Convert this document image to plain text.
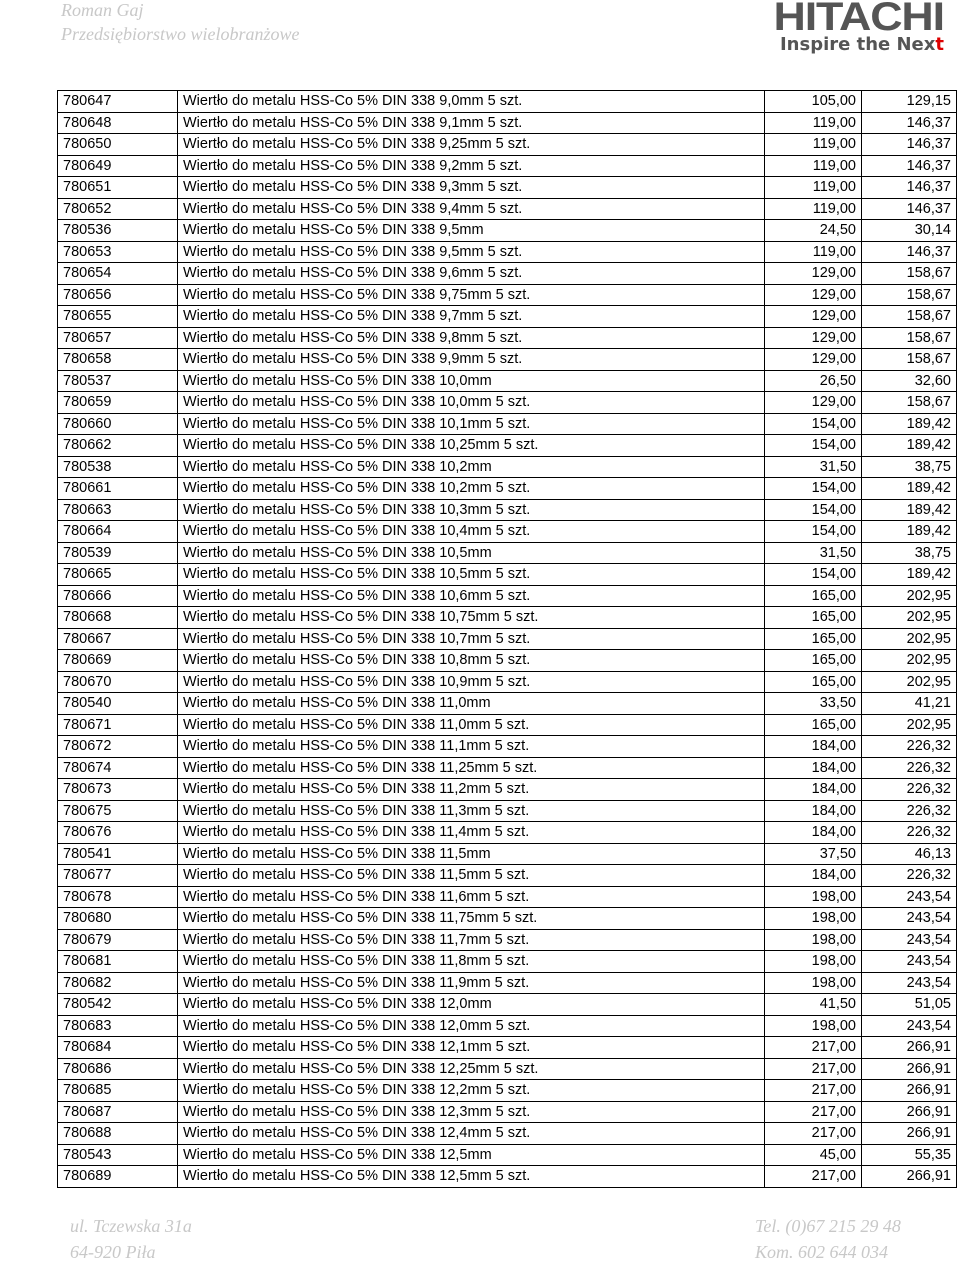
Roman Gaj
Przedsiębiorstwo wielobranżowe	HITACHI
Inspire the Next
780647	Wiertło do metalu HSS-Co 5% DIN 338 9,0mm 5 szt.	105,00	129,15
780648	Wiertło do metalu HSS-Co 5% DIN 338 9,1mm 5 szt.	119,00	146,37
780650	Wiertło do metalu HSS-Co 5% DIN 338 9,25mm 5 szt.	119,00	146,37
780649	Wiertło do metalu HSS-Co 5% DIN 338 9,2mm 5 szt.	119,00	146,37
780651	Wiertło do metalu HSS-Co 5% DIN 338 9,3mm 5 szt.	119,00	146,37
780652	Wiertło do metalu HSS-Co 5% DIN 338 9,4mm 5 szt.	119,00	146,37
780536	Wiertło do metalu HSS-Co 5% DIN 338 9,5mm	24,50	30,14
780653	Wiertło do metalu HSS-Co 5% DIN 338 9,5mm 5 szt.	119,00	146,37
780654	Wiertło do metalu HSS-Co 5% DIN 338 9,6mm 5 szt.	129,00	158,67
780656	Wiertło do metalu HSS-Co 5% DIN 338 9,75mm 5 szt.	129,00	158,67
780655	Wiertło do metalu HSS-Co 5% DIN 338 9,7mm 5 szt.	129,00	158,67
780657	Wiertło do metalu HSS-Co 5% DIN 338 9,8mm 5 szt.	129,00	158,67
780658	Wiertło do metalu HSS-Co 5% DIN 338 9,9mm 5 szt.	129,00	158,67
780537	Wiertło do metalu HSS-Co 5% DIN 338 10,0mm	26,50	32,60
780659	Wiertło do metalu HSS-Co 5% DIN 338 10,0mm 5 szt.	129,00	158,67
780660	Wiertło do metalu HSS-Co 5% DIN 338 10,1mm 5 szt.	154,00	189,42
780662	Wiertło do metalu HSS-Co 5% DIN 338 10,25mm 5 szt.	154,00	189,42
780538	Wiertło do metalu HSS-Co 5% DIN 338 10,2mm	31,50	38,75
780661	Wiertło do metalu HSS-Co 5% DIN 338 10,2mm 5 szt.	154,00	189,42
780663	Wiertło do metalu HSS-Co 5% DIN 338 10,3mm 5 szt.	154,00	189,42
780664	Wiertło do metalu HSS-Co 5% DIN 338 10,4mm 5 szt.	154,00	189,42
780539	Wiertło do metalu HSS-Co 5% DIN 338 10,5mm	31,50	38,75
780665	Wiertło do metalu HSS-Co 5% DIN 338 10,5mm 5 szt.	154,00	189,42
780666	Wiertło do metalu HSS-Co 5% DIN 338 10,6mm 5 szt.	165,00	202,95
780668	Wiertło do metalu HSS-Co 5% DIN 338 10,75mm 5 szt.	165,00	202,95
780667	Wiertło do metalu HSS-Co 5% DIN 338 10,7mm 5 szt.	165,00	202,95
780669	Wiertło do metalu HSS-Co 5% DIN 338 10,8mm 5 szt.	165,00	202,95
780670	Wiertło do metalu HSS-Co 5% DIN 338 10,9mm 5 szt.	165,00	202,95
780540	Wiertło do metalu HSS-Co 5% DIN 338 11,0mm	33,50	41,21
780671	Wiertło do metalu HSS-Co 5% DIN 338 11,0mm 5 szt.	165,00	202,95
780672	Wiertło do metalu HSS-Co 5% DIN 338 11,1mm 5 szt.	184,00	226,32
780674	Wiertło do metalu HSS-Co 5% DIN 338 11,25mm 5 szt.	184,00	226,32
780673	Wiertło do metalu HSS-Co 5% DIN 338 11,2mm 5 szt.	184,00	226,32
780675	Wiertło do metalu HSS-Co 5% DIN 338 11,3mm 5 szt.	184,00	226,32
780676	Wiertło do metalu HSS-Co 5% DIN 338 11,4mm 5 szt.	184,00	226,32
780541	Wiertło do metalu HSS-Co 5% DIN 338 11,5mm	37,50	46,13
780677	Wiertło do metalu HSS-Co 5% DIN 338 11,5mm 5 szt.	184,00	226,32
780678	Wiertło do metalu HSS-Co 5% DIN 338 11,6mm 5 szt.	198,00	243,54
780680	Wiertło do metalu HSS-Co 5% DIN 338 11,75mm 5 szt.	198,00	243,54
780679	Wiertło do metalu HSS-Co 5% DIN 338 11,7mm 5 szt.	198,00	243,54
780681	Wiertło do metalu HSS-Co 5% DIN 338 11,8mm 5 szt.	198,00	243,54
780682	Wiertło do metalu HSS-Co 5% DIN 338 11,9mm 5 szt.	198,00	243,54
780542	Wiertło do metalu HSS-Co 5% DIN 338 12,0mm	41,50	51,05
780683	Wiertło do metalu HSS-Co 5% DIN 338 12,0mm 5 szt.	198,00	243,54
780684	Wiertło do metalu HSS-Co 5% DIN 338 12,1mm 5 szt.	217,00	266,91
780686	Wiertło do metalu HSS-Co 5% DIN 338 12,25mm 5 szt.	217,00	266,91
780685	Wiertło do metalu HSS-Co 5% DIN 338 12,2mm 5 szt.	217,00	266,91
780687	Wiertło do metalu HSS-Co 5% DIN 338 12,3mm 5 szt.	217,00	266,91
780688	Wiertło do metalu HSS-Co 5% DIN 338 12,4mm 5 szt.	217,00	266,91
780543	Wiertło do metalu HSS-Co 5% DIN 338 12,5mm	45,00	55,35
780689	Wiertło do metalu HSS-Co 5% DIN 338 12,5mm 5 szt.	217,00	266,91
ul. Tczewska 31a
64-920 Piła
Tel. (0)67 215 29 48
Kom. 602 644 034
